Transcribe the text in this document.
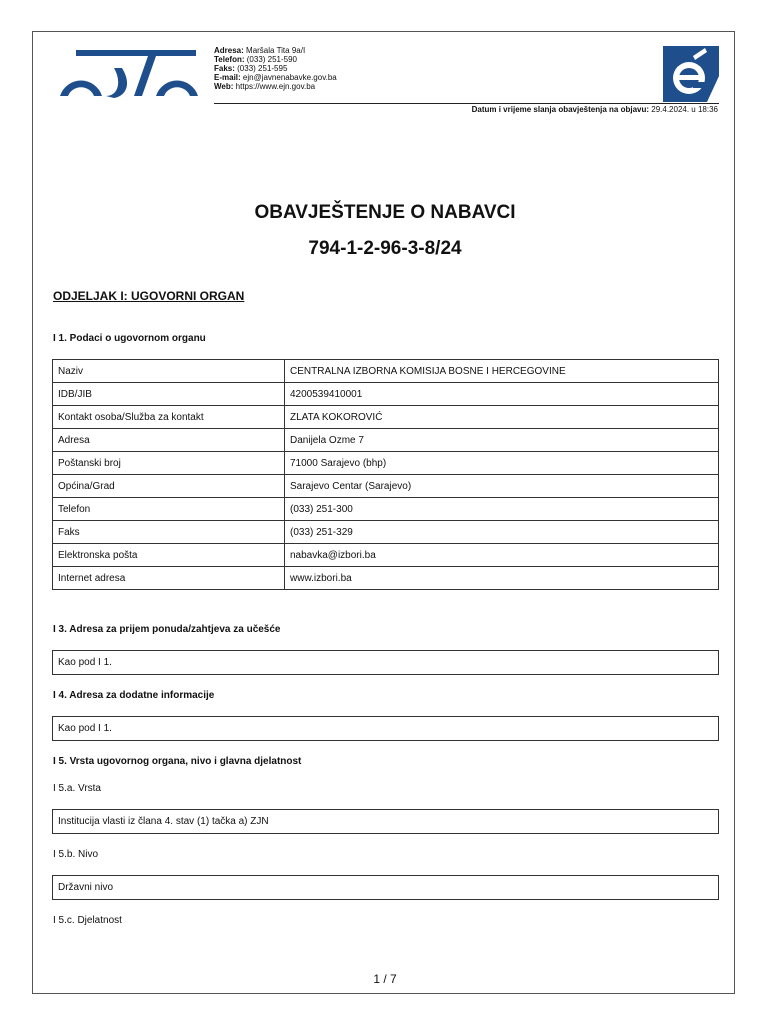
Adresa: Maršala Tita 9a/I
Telefon: (033) 251-590
Faks: (033) 251-595
E-mail: ejn@javnenabavke.gov.ba
Web: https://www.ejn.gov.ba
Datum i vrijeme slanja obavještenja na objavu: 29.4.2024. u 18:36
OBAVJEŠTENJE O NABAVCI
794-1-2-96-3-8/24
ODJELJAK I: UGOVORNI ORGAN
I 1. Podaci o ugovornom organu
Naziv	CENTRALNA IZBORNA KOMISIJA BOSNE I HERCEGOVINE
IDB/JIB	4200539410001
Kontakt osoba/Služba za kontakt	ZLATA KOKOROVIĆ
Adresa	Danijela Ozme 7
Poštanski broj	71000 Sarajevo (bhp)
Općina/Grad	Sarajevo Centar (Sarajevo)
Telefon	(033) 251-300
Faks	(033) 251-329
Elektronska pošta	nabavka@izbori.ba
Internet adresa	www.izbori.ba
I 3. Adresa za prijem ponuda/zahtjeva za učešće
Kao pod I 1.
I 4. Adresa za dodatne informacije
Kao pod I 1.
I 5. Vrsta ugovornog organa, nivo i glavna djelatnost
I 5.a. Vrsta
Institucija vlasti iz člana 4. stav (1) tačka a) ZJN
I 5.b. Nivo
Državni nivo
I 5.c. Djelatnost
1 / 7
